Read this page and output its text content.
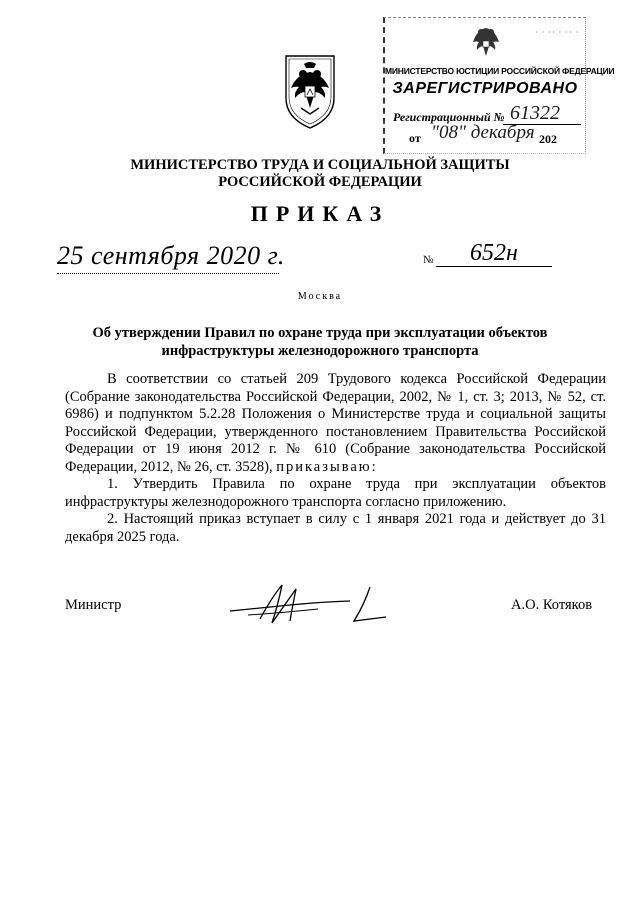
· · ·· · ·· ·
МИНИСТЕРСТВО ЮСТИЦИИ РОССИЙСКОЙ ФЕДЕРАЦИИ
ЗАРЕГИСТРИРОВАНО
Регистрационный № 61322
от "08" декабря 202
МИНИСТЕРСТВО ТРУДА И СОЦИАЛЬНОЙ ЗАЩИТЫ
РОССИЙСКОЙ ФЕДЕРАЦИИ
ПРИКАЗ
25 сентября 2020 г.	№ 652н
Москва
Об утверждении Правил по охране труда при эксплуатации объектов
инфраструктуры железнодорожного транспорта

В соответствии со статьей 209 Трудового кодекса Российской Федерации (Собрание законодательства Российской Федерации, 2002, № 1, ст. 3; 2013, № 52, ст. 6986) и подпунктом 5.2.28 Положения о Министерстве труда и социальной защиты Российской Федерации, утвержденного постановлением Правительства Российской Федерации от 19 июня 2012 г. № 610 (Собрание законодательства Российской Федерации, 2012, № 26, ст. 3528), приказываю:

1. Утвердить Правила по охране труда при эксплуатации объектов инфраструктуры железнодорожного транспорта согласно приложению.

2. Настоящий приказ вступает в силу с 1 января 2021 года и действует до 31 декабря 2025 года.

Министр	А.О. Котяков
